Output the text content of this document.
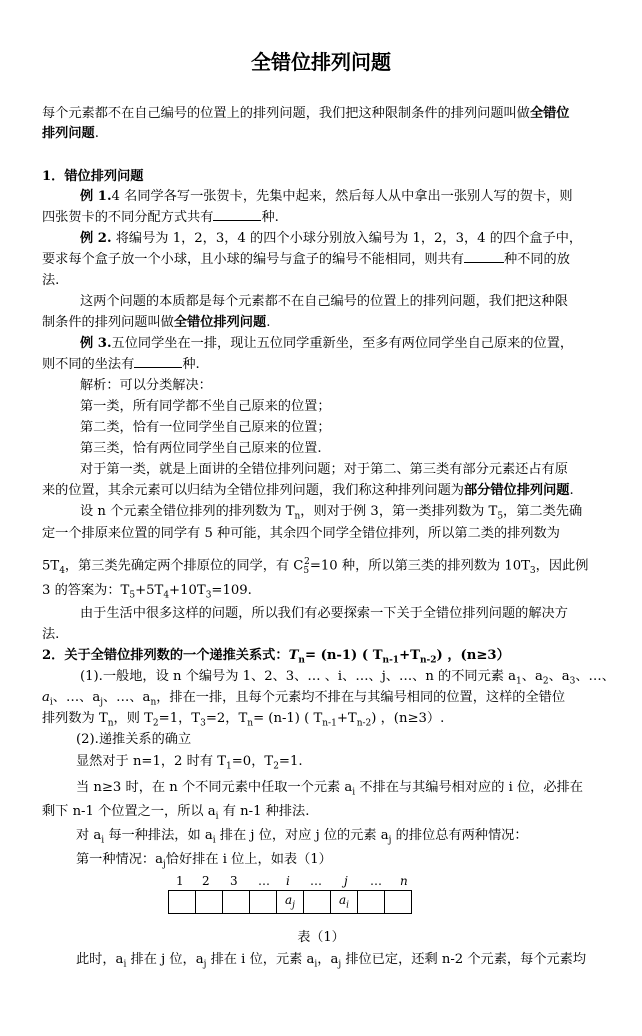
全错位排列问题
每个元素都不在自己编号的位置上的排列问题，我们把这种限制条件的排列问题叫做全错位
排列问题.
1．错位排列问题
例 1.4 名同学各写一张贺卡，先集中起来，然后每人从中拿出一张别人写的贺卡，则
四张贺卡的不同分配方式共有	种.
例 2. 将编号为 1，2，3，4 的四个小球分别放入编号为 1，2，3，4 的四个盒子中，
要求每个盒子放一个小球，且小球的编号与盒子的编号不能相同，则共有	种不同的放
法.
这两个问题的本质都是每个元素都不在自己编号的位置上的排列问题，我们把这种限
制条件的排列问题叫做全错位排列问题.
例 3.五位同学坐在一排，现让五位同学重新坐，至多有两位同学坐自己原来的位置，
则不同的坐法有	种.
解析：可以分类解决：
第一类，所有同学都不坐自己原来的位置；
第二类，恰有一位同学坐自己原来的位置；
第三类，恰有两位同学坐自己原来的位置.
对于第一类，就是上面讲的全错位排列问题；对于第二、第三类有部分元素还占有原
来的位置，其余元素可以归结为全错位排列问题，我们称这种排列问题为部分错位排列问题.
设 n 个元素全错位排列的排列数为 $T_n$，则对于例 3，第一类排列数为 $T_5$，第二类先确
定一个排原来位置的同学有 5 种可能，其余四个同学全错位排列，所以第二类的排列数为
$5T_4$，第三类先确定两个排原位的同学，有 $C_5^2=10$ 种，所以第三类的排列数为 $10T_3$，因此例
3 的答案为：$T_5+5T_4+10T_3=109$.
由于生活中很多这样的问题，所以我们有必要探索一下关于全错位排列问题的解决方
法.
2．关于全错位排列数的一个递推关系式：$T_n= (n-1)$ ( $T_{n-1}+T_{n-2}$) ，(n≥3）
(1).一般地，设 n 个编号为 1、2、3、… 、i、…、j、…、n 的不同元素 $a_1$、$a_2$、$a_3$、…、
$a_i$、…、$a_j$、…、$a_n$，排在一排，且每个元素均不排在与其编号相同的位置，这样的全错位
排列数为 $T_n$，则 $T_2=1$，$T_3=2$，$T_n= (n-1)$ ( $T_{n-1}+T_{n-2}$) ，(n≥3）.
(2).递推关系的确立
显然对于 n=1，2 时有 $T_1=0$，$T_2=1$.
当 n≥3 时，在 n 个不同元素中任取一个元素 $a_i$ 不排在与其编号相对应的 i 位，必排在
剩下 n-1 个位置之一，所以 $a_i$ 有 n-1 种排法.
对 $a_i$ 每一种排法，如 $a_i$ 排在 j 位，对应 j 位的元素 $a_j$ 的排位总有两种情况：
第一种情况：$a_j$恰好排在 i 位上，如表（1）
1 2 3 … i … j … n
				$a_j$		$a_i$		
表（1）
此时，$a_i$ 排在 j 位，$a_j$ 排在 i 位，元素 $a_i$，$a_j$ 排位已定，还剩 n-2 个元素，每个元素均
